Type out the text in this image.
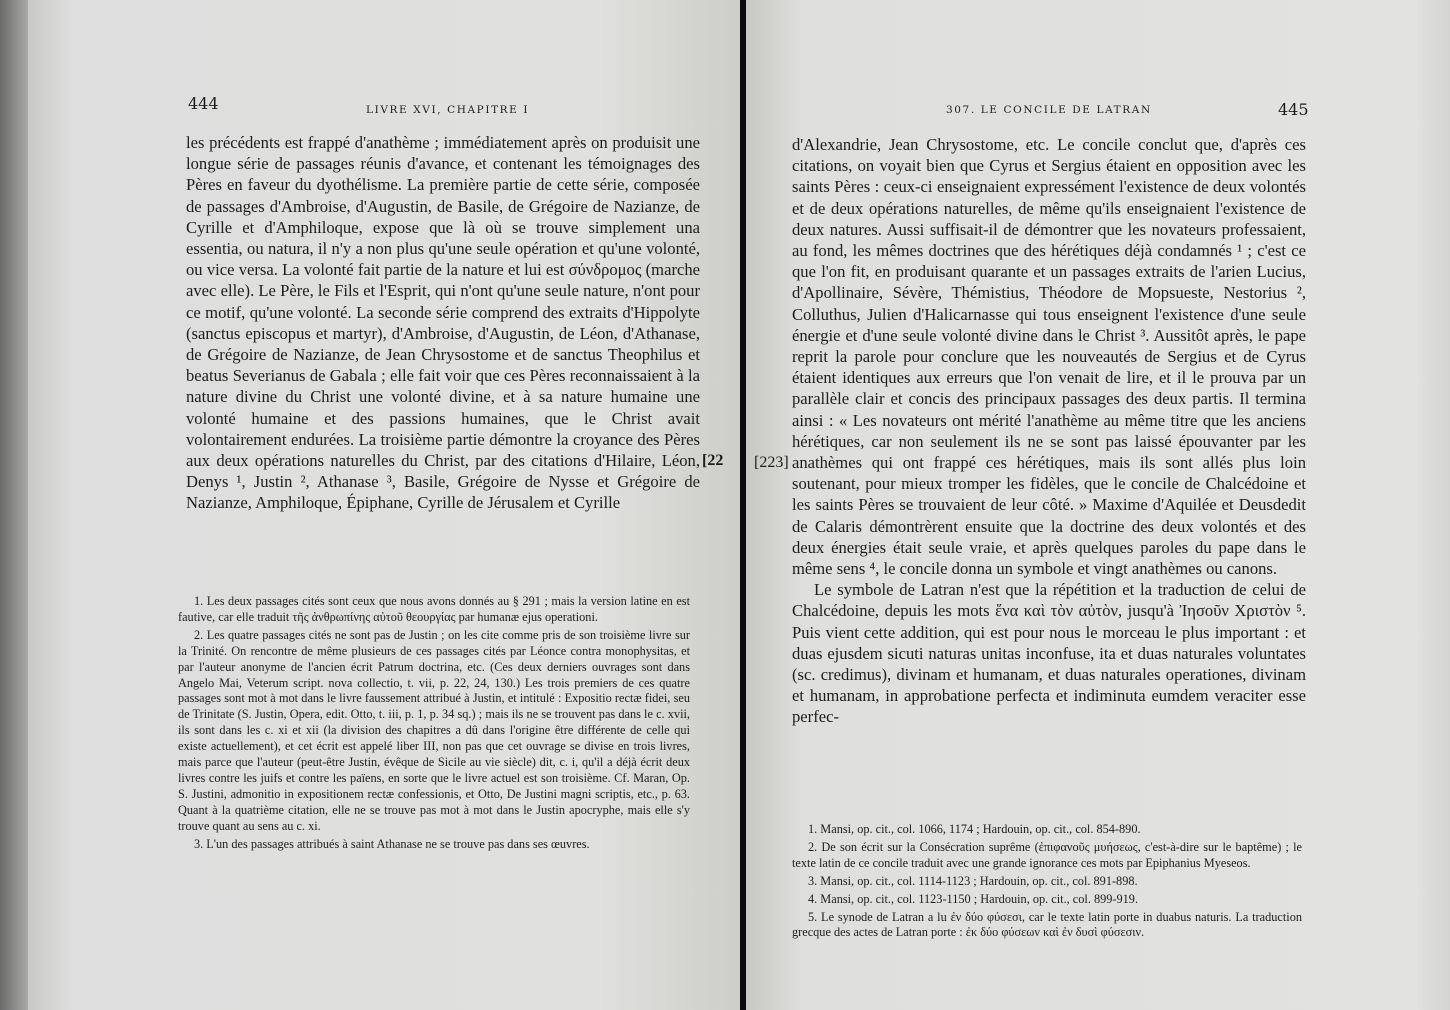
444	LIVRE XVI, CHAPITRE I

les précédents est frappé d'anathème ; immédiatement après on produisit une longue série de passages réunis d'avance, et contenant les témoignages des Pères en faveur du dyothélisme. La première partie de cette série, composée de passages d'Ambroise, d'Augustin, de Basile, de Grégoire de Nazianze, de Cyrille et d'Amphiloque, expose que là où se trouve simplement una essentia, ou natura, il n'y a non plus qu'une seule opération et qu'une volonté, ou vice versa. La volonté fait partie de la nature et lui est σύνδρομος (marche avec elle). Le Père, le Fils et l'Esprit, qui n'ont qu'une seule nature, n'ont pour ce motif, qu'une volonté. La seconde série comprend des extraits d'Hippolyte (sanctus episcopus et martyr), d'Ambroise, d'Augustin, de Léon, d'Athanase, de Grégoire de Nazianze, de Jean Chrysostome et de sanctus Theophilus et beatus Severianus de Gabala ; elle fait voir que ces Pères reconnaissaient à la nature divine du Christ une volonté divine, et à sa nature humaine une volonté humaine et des passions humaines, que le Christ avait volontairement endurées. La troisième partie démontre la croyance des Pères aux deux opérations naturelles du Christ, par des citations d'Hilaire, Léon, Denys ¹, Justin ², Athanase ³, Basile, Grégoire de Nysse et Grégoire de Nazianze, Amphiloque, Épiphane, Cyrille de Jérusalem et Cyrille

1. Les deux passages cités sont ceux que nous avons donnés au § 291 ; mais la version latine en est fautive, car elle traduit τῆς ἀνθρωπίνης αὐτοῦ θεουργίας par humanæ ejus operationi.

2. Les quatre passages cités ne sont pas de Justin ; on les cite comme pris de son troisième livre sur la Trinité. On rencontre de même plusieurs de ces passages cités par Léonce contra monophysitas, et par l'auteur anonyme de l'ancien écrit Patrum doctrina, etc. (Ces deux derniers ouvrages sont dans Angelo Mai, Veterum script. nova collectio, t. vii, p. 22, 24, 130.) Les trois premiers de ces quatre passages sont mot à mot dans le livre faussement attribué à Justin, et intitulé : Expositio rectæ fidei, seu de Trinitate (S. Justin, Opera, edit. Otto, t. iii, p. 1, p. 34 sq.) ; mais ils ne se trouvent pas dans le c. xvii, ils sont dans les c. xi et xii (la division des chapitres a dû dans l'origine être différente de celle qui existe actuellement), et cet écrit est appelé liber III, non pas que cet ouvrage se divise en trois livres, mais parce que l'auteur (peut-être Justin, évêque de Sicile au vie siècle) dit, c. i, qu'il a déjà écrit deux livres contre les juifs et contre les païens, en sorte que le livre actuel est son troisième. Cf. Maran, Op. S. Justini, admonitio in expositionem rectæ confessionis, et Otto, De Justini magni scriptis, etc., p. 63. Quant à la quatrième citation, elle ne se trouve pas mot à mot dans le Justin apocryphe, mais elle s'y trouve quant au sens au c. xi.

3. L'un des passages attribués à saint Athanase ne se trouve pas dans ses œuvres.

[22
307. LE CONCILE DE LATRAN	445
[223]

d'Alexandrie, Jean Chrysostome, etc. Le concile conclut que, d'après ces citations, on voyait bien que Cyrus et Sergius étaient en opposition avec les saints Pères : ceux-ci enseignaient expressément l'existence de deux volontés et de deux opérations naturelles, de même qu'ils enseignaient l'existence de deux natures. Aussi suffisait-il de démontrer que les novateurs professaient, au fond, les mêmes doctrines que des hérétiques déjà condamnés ¹ ; c'est ce que l'on fit, en produisant quarante et un passages extraits de l'arien Lucius, d'Apollinaire, Sévère, Thémistius, Théodore de Mopsueste, Nestorius ², Colluthus, Julien d'Halicarnasse qui tous enseignent l'existence d'une seule énergie et d'une seule volonté divine dans le Christ ³. Aussitôt après, le pape reprit la parole pour conclure que les nouveautés de Sergius et de Cyrus étaient identiques aux erreurs que l'on venait de lire, et il le prouva par un parallèle clair et concis des principaux passages des deux partis. Il termina ainsi : « Les novateurs ont mérité l'anathème au même titre que les anciens hérétiques, car non seulement ils ne se sont pas laissé épouvanter par les anathèmes qui ont frappé ces hérétiques, mais ils sont allés plus loin soutenant, pour mieux tromper les fidèles, que le concile de Chalcédoine et les saints Pères se trouvaient de leur côté. » Maxime d'Aquilée et Deusdedit de Calaris démontrèrent ensuite que la doctrine des deux volontés et des deux énergies était seule vraie, et après quelques paroles du pape dans le même sens ⁴, le concile donna un symbole et vingt anathèmes ou canons.

Le symbole de Latran n'est que la répétition et la traduction de celui de Chalcédoine, depuis les mots ἕνα καὶ τὸν αὐτὸν, jusqu'à Ἰησοῦν Χριστὸν ⁵. Puis vient cette addition, qui est pour nous le morceau le plus important : et duas ejusdem sicuti naturas unitas inconfuse, ita et duas naturales voluntates (sc. credimus), divinam et humanam, et duas naturales operationes, divinam et humanam, in approbatione perfecta et indiminuta eumdem veraciter esse perfec-

1. Mansi, op. cit., col. 1066, 1174 ; Hardouin, op. cit., col. 854-890.

2. De son écrit sur la Consécration suprême (ἐπιφανοῦς μυήσεως, c'est-à-dire sur le baptême) ; le texte latin de ce concile traduit avec une grande ignorance ces mots par Epiphanius Myeseos.

3. Mansi, op. cit., col. 1114-1123 ; Hardouin, op. cit., col. 891-898.

4. Mansi, op. cit., col. 1123-1150 ; Hardouin, op. cit., col. 899-919.

5. Le synode de Latran a lu ἐν δύο φύσεσι, car le texte latin porte in duabus naturis. La traduction grecque des actes de Latran porte : ἐκ δύο φύσεων καὶ ἐν δυσὶ φύσεσιν.
